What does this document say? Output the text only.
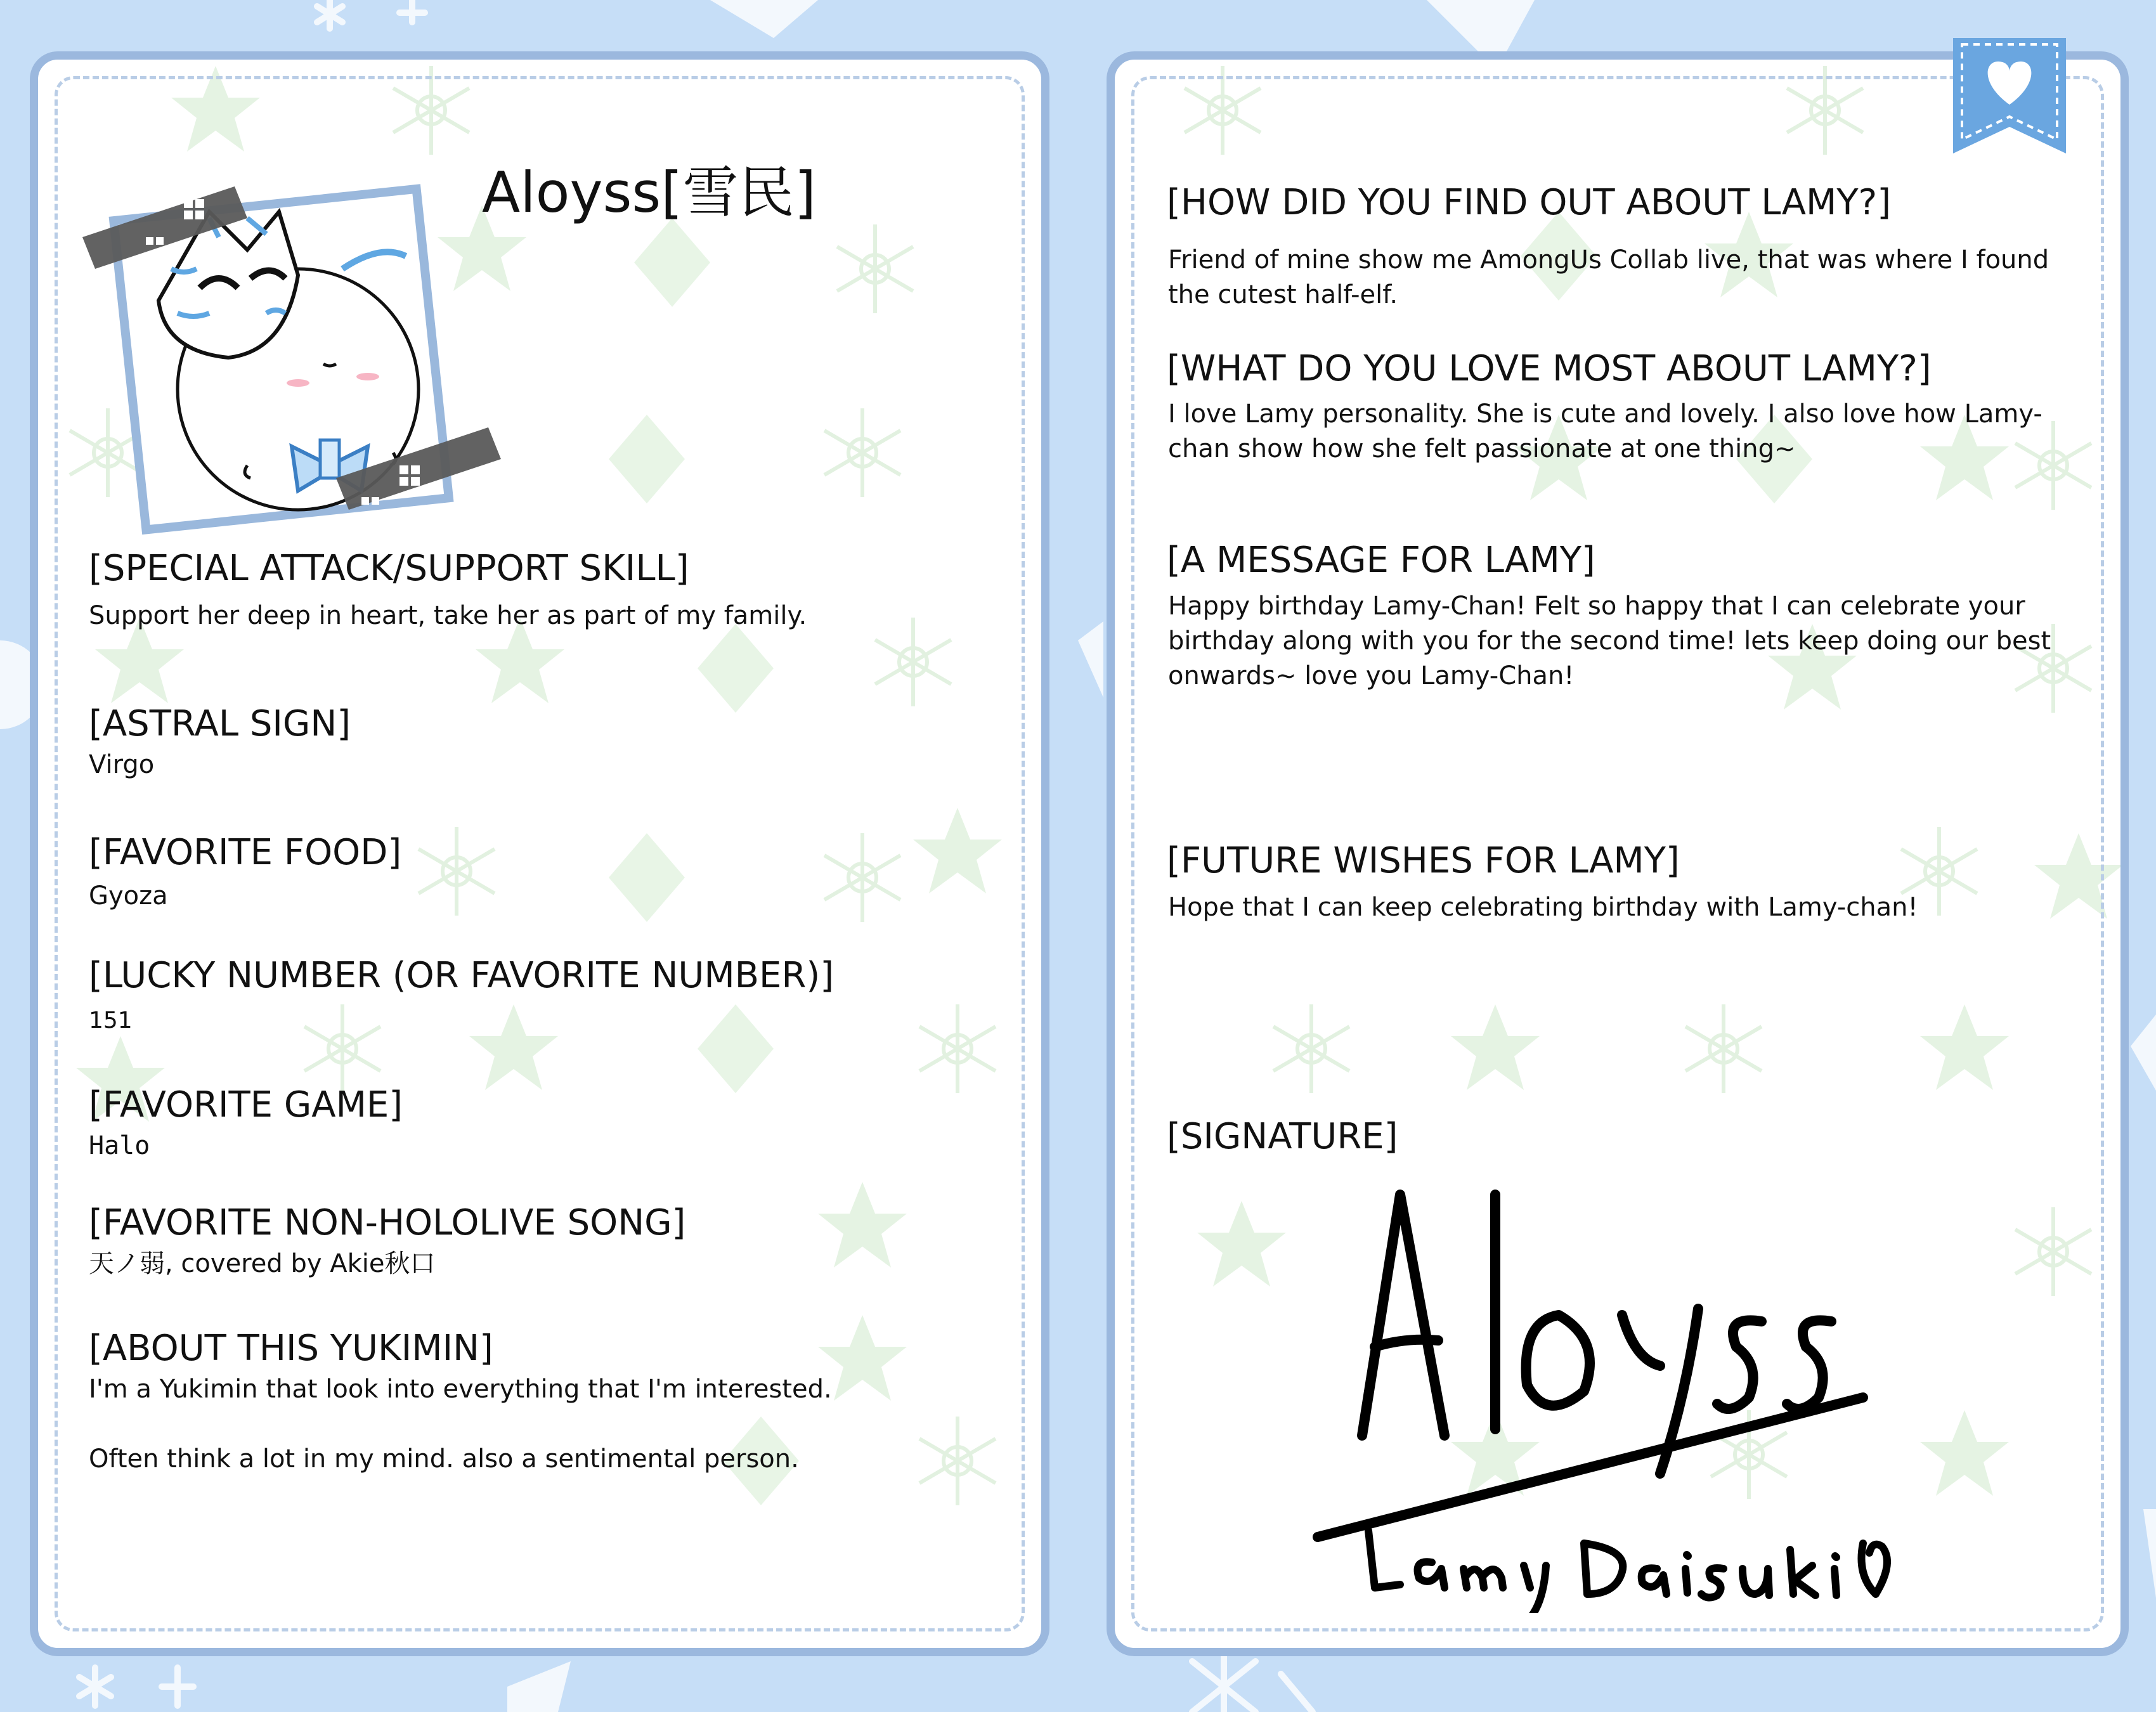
Aloyss[雪民]
[SPECIAL ATTACK/SUPPORT SKILL]

Support her deep in heart, take her as part of my family.

[ASTRAL SIGN]

Virgo

[FAVORITE FOOD]

Gyoza

[LUCKY NUMBER (OR FAVORITE NUMBER)]

151

[FAVORITE GAME]

Halo

[FAVORITE NON-HOLOLIVE SONG]

天ノ弱, covered by Akie秋口

[ABOUT THIS YUKIMIN]

I'm a Yukimin that look into everything that I'm interested.

Often think a lot in my mind. also a sentimental person.

[HOW DID YOU FIND OUT ABOUT LAMY?]

Friend of mine show me AmongUs Collab live, that was where I found the cutest half-elf.

[WHAT DO YOU LOVE MOST ABOUT LAMY?]

I love Lamy personality. She is cute and lovely. I also love how Lamy-chan show how she felt passionate at one thing~

[A MESSAGE FOR LAMY]

Happy birthday Lamy-Chan! Felt so happy that I can celebrate your birthday along with you for the second time! lets keep doing our best onwards~ love you Lamy-Chan!

[FUTURE WISHES FOR LAMY]

Hope that I can keep celebrating birthday with Lamy-chan!

[SIGNATURE]
